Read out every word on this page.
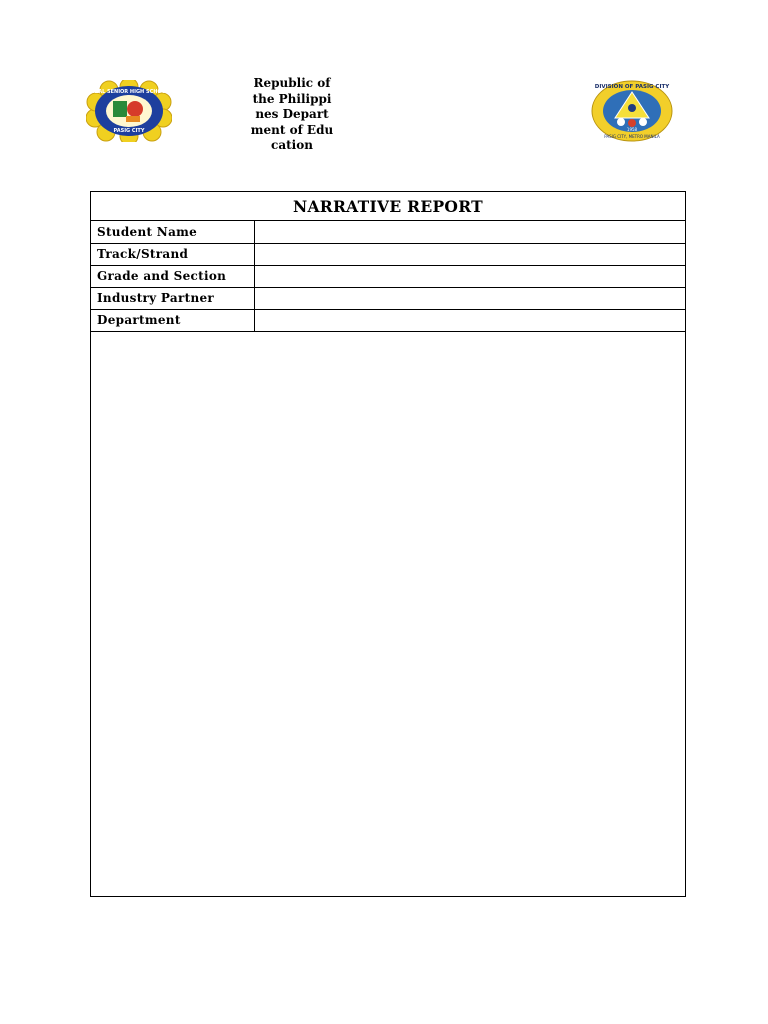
RIZAL SENIOR HIGH SCHOOL
PASIG CITY
Republic of the Philippines Department of Education
DIVISION OF PASIG CITY
1958
PASIG CITY, METRO MANILA
NARRATIVE REPORT
Student Name	
Track/Strand	
Grade and Section	
Industry Partner	
Department	
